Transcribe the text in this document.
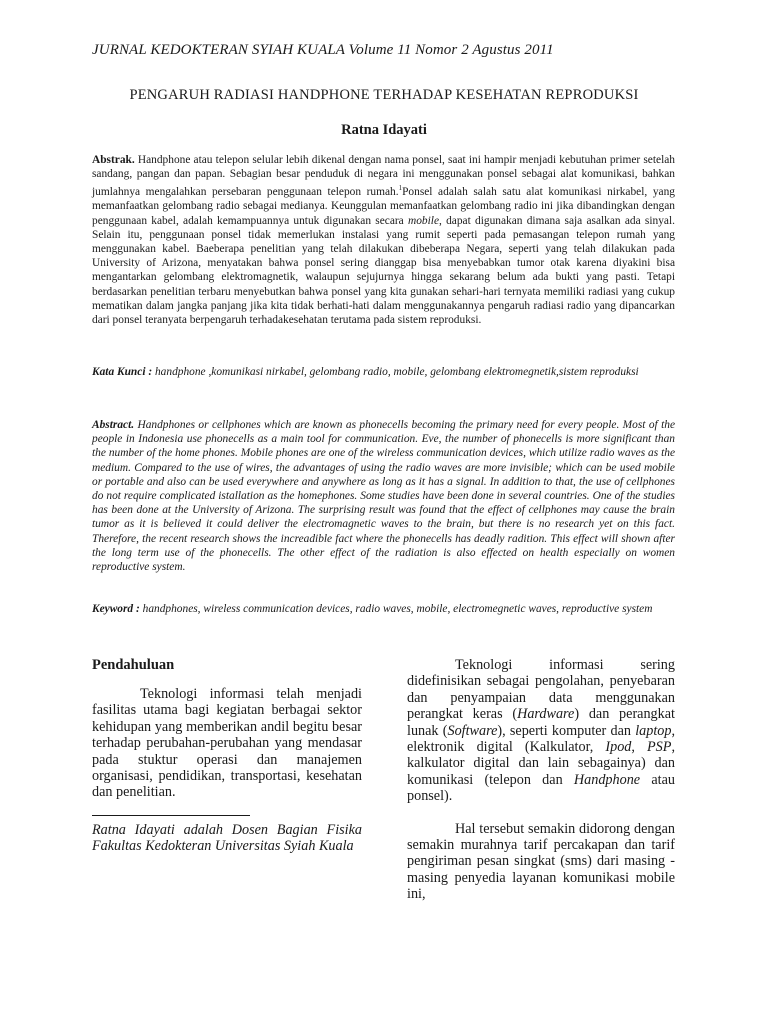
JURNAL KEDOKTERAN SYIAH KUALA Volume 11 Nomor 2 Agustus 2011
PENGARUH RADIASI HANDPHONE TERHADAP KESEHATAN REPRODUKSI
Ratna Idayati

Abstrak. Handphone atau telepon selular lebih dikenal dengan nama ponsel, saat ini hampir menjadi kebutuhan primer setelah sandang, pangan dan papan. Sebagian besar penduduk di negara ini menggunakan ponsel sebagai alat komunikasi, bahkan jumlahnya mengalahkan persebaran penggunaan telepon rumah.$^1$Ponsel adalah salah satu alat komunikasi nirkabel, yang memanfaatkan gelombang radio sebagai medianya. Keunggulan memanfaatkan gelombang radio ini jika dibandingkan dengan penggunaan kabel, adalah kemampuannya untuk digunakan secara mobile, dapat digunakan dimana saja asalkan ada sinyal. Selain itu, penggunaan ponsel tidak memerlukan instalasi yang rumit seperti pada pemasangan telepon rumah yang menggunakan kabel. Baeberapa penelitian yang telah dilakukan dibeberapa Negara, seperti yang telah dilakukan pada University of Arizona, menyatakan bahwa ponsel sering dianggap bisa menyebabkan tumor otak karena diyakini bisa mengantarkan gelombang elektromagnetik, walaupun sejujurnya hingga sekarang belum ada bukti yang pasti. Tetapi berdasarkan penelitian terbaru menyebutkan bahwa ponsel yang kita gunakan sehari-hari ternyata memiliki radiasi yang cukup mematikan dalam jangka panjang jika kita tidak berhati-hati dalam menggunakannya pengaruh radiasi radio yang dipancarkan dari ponsel teranyata berpengaruh terhadakesehatan terutama pada sistem reproduksi.

Kata Kunci : handphone ,komunikasi nirkabel, gelombang radio, mobile, gelombang elektromegnetik,sistem reproduksi
Abstract. Handphones or cellphones which are known as phonecells becoming the primary need for every people. Most of the people in Indonesia use phonecells as a main tool for communication. Eve, the number of phonecells is more significant than the number of the home phones. Mobile phones are one of the wireless communication devices, which utilize radio waves as the medium. Compared to the use of wires, the advantages of using the radio waves are more invisible; which can be used mobile or portable and also can be used everywhere and anywhere as long as it has a signal. In addition to that, the use of cellphones do not require complicated istallation as the homephones. Some studies have been done in several countries. One of the studies has been done at the University of Arizona. The surprising result was found that the effect of cellphones may cause the brain tumor as it is believed it could deliver the electromagnetic waves to the brain, but there is no research yet on this fact. Therefore, the recent research shows the increadible fact where the phonecells has deadly radition. This effect will shown after the long term use of the phonecells. The other effect of the radiation is also effected on health especially on women reproductive system.
Keyword : handphones, wireless communication devices, radio waves, mobile, electromegnetic waves, reproductive system
Pendahuluan

Teknologi informasi telah menjadi fasilitas utama bagi kegiatan berbagai sektor kehidupan yang memberikan andil begitu besar terhadap perubahan-perubahan yang mendasar pada stuktur operasi dan manajemen organisasi, pendidikan, transportasi, kesehatan dan penelitian.

Ratna Idayati adalah Dosen Bagian Fisika Fakultas Kedokteran Universitas Syiah Kuala

Teknologi informasi sering didefinisikan sebagai pengolahan, penyebaran dan penyampaian data menggunakan perangkat keras (Hardware) dan perangkat lunak (Software), seperti komputer dan laptop, elektronik digital (Kalkulator, Ipod, PSP, kalkulator digital dan lain sebagainya) dan komunikasi (telepon dan Handphone atau ponsel).

Hal tersebut semakin didorong dengan semakin murahnya tarif percakapan dan tarif pengiriman pesan singkat (sms) dari masing - masing penyedia layanan komunikasi mobile ini,
